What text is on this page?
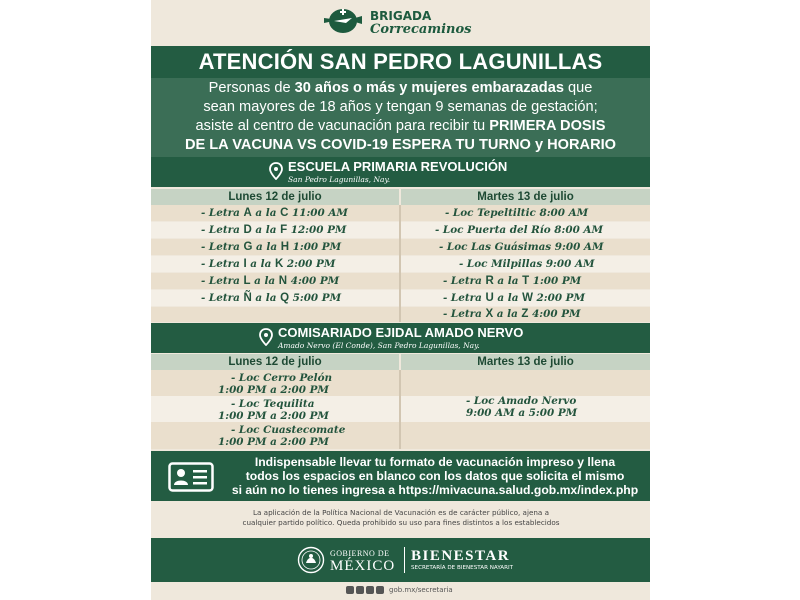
BRIGADA
Correcaminos
ATENCIÓN SAN PEDRO LAGUNILLAS
Personas de 30 años o más y mujeres embarazadas que
sean mayores de 18 años y tengan 9 semanas de gestación;
asiste al centro de vacunación para recibir tu PRIMERA DOSIS
DE LA VACUNA VS COVID-19 ESPERA TU TURNO y HORARIO
ESCUELA PRIMARIA REVOLUCIÓN
San Pedro Lagunillas, Nay.
Lunes 12 de julio	Martes 13 de julio
- Letra A a la C 11:00 AM
- Letra D a la F 12:00 PM
- Letra G a la H 1:00 PM
- Letra I a la K 2:00 PM
- Letra L a la N 4:00 PM
- Letra Ñ a la Q 5:00 PM
- Loc Tepeltiltic 8:00 AM
- Loc Puerta del Río 8:00 AM
- Loc Las Guásimas 9:00 AM
- Loc Milpillas 9:00 AM
- Letra R a la T 1:00 PM
- Letra U a la W 2:00 PM
- Letra X a la Z 4:00 PM
COMISARIADO EJIDAL AMADO NERVO
Amado Nervo (El Conde), San Pedro Lagunillas, Nay.
Lunes 12 de julio	Martes 13 de julio
- Loc Cerro Pelón
1:00 PM a 2:00 PM
- Loc Tequilita
1:00 PM a 2:00 PM
- Loc Cuastecomate
1:00 PM a 2:00 PM
- Loc Amado Nervo
9:00 AM a 5:00 PM
Indispensable llevar tu formato de vacunación impreso y llena
todos los espacios en blanco con los datos que solicita el mismo
si aún no lo tienes ingresa a https://mivacuna.salud.gob.mx/index.php
La aplicación de la Política Nacional de Vacunación es de carácter público, ajena a
cualquier partido político. Queda prohibido su uso para fines distintos a los establecidos
GOBIERNO DE
MÉXICO
BIENESTAR
SECRETARÍA DE BIENESTAR NAYARIT
gob.mx/secretaria
